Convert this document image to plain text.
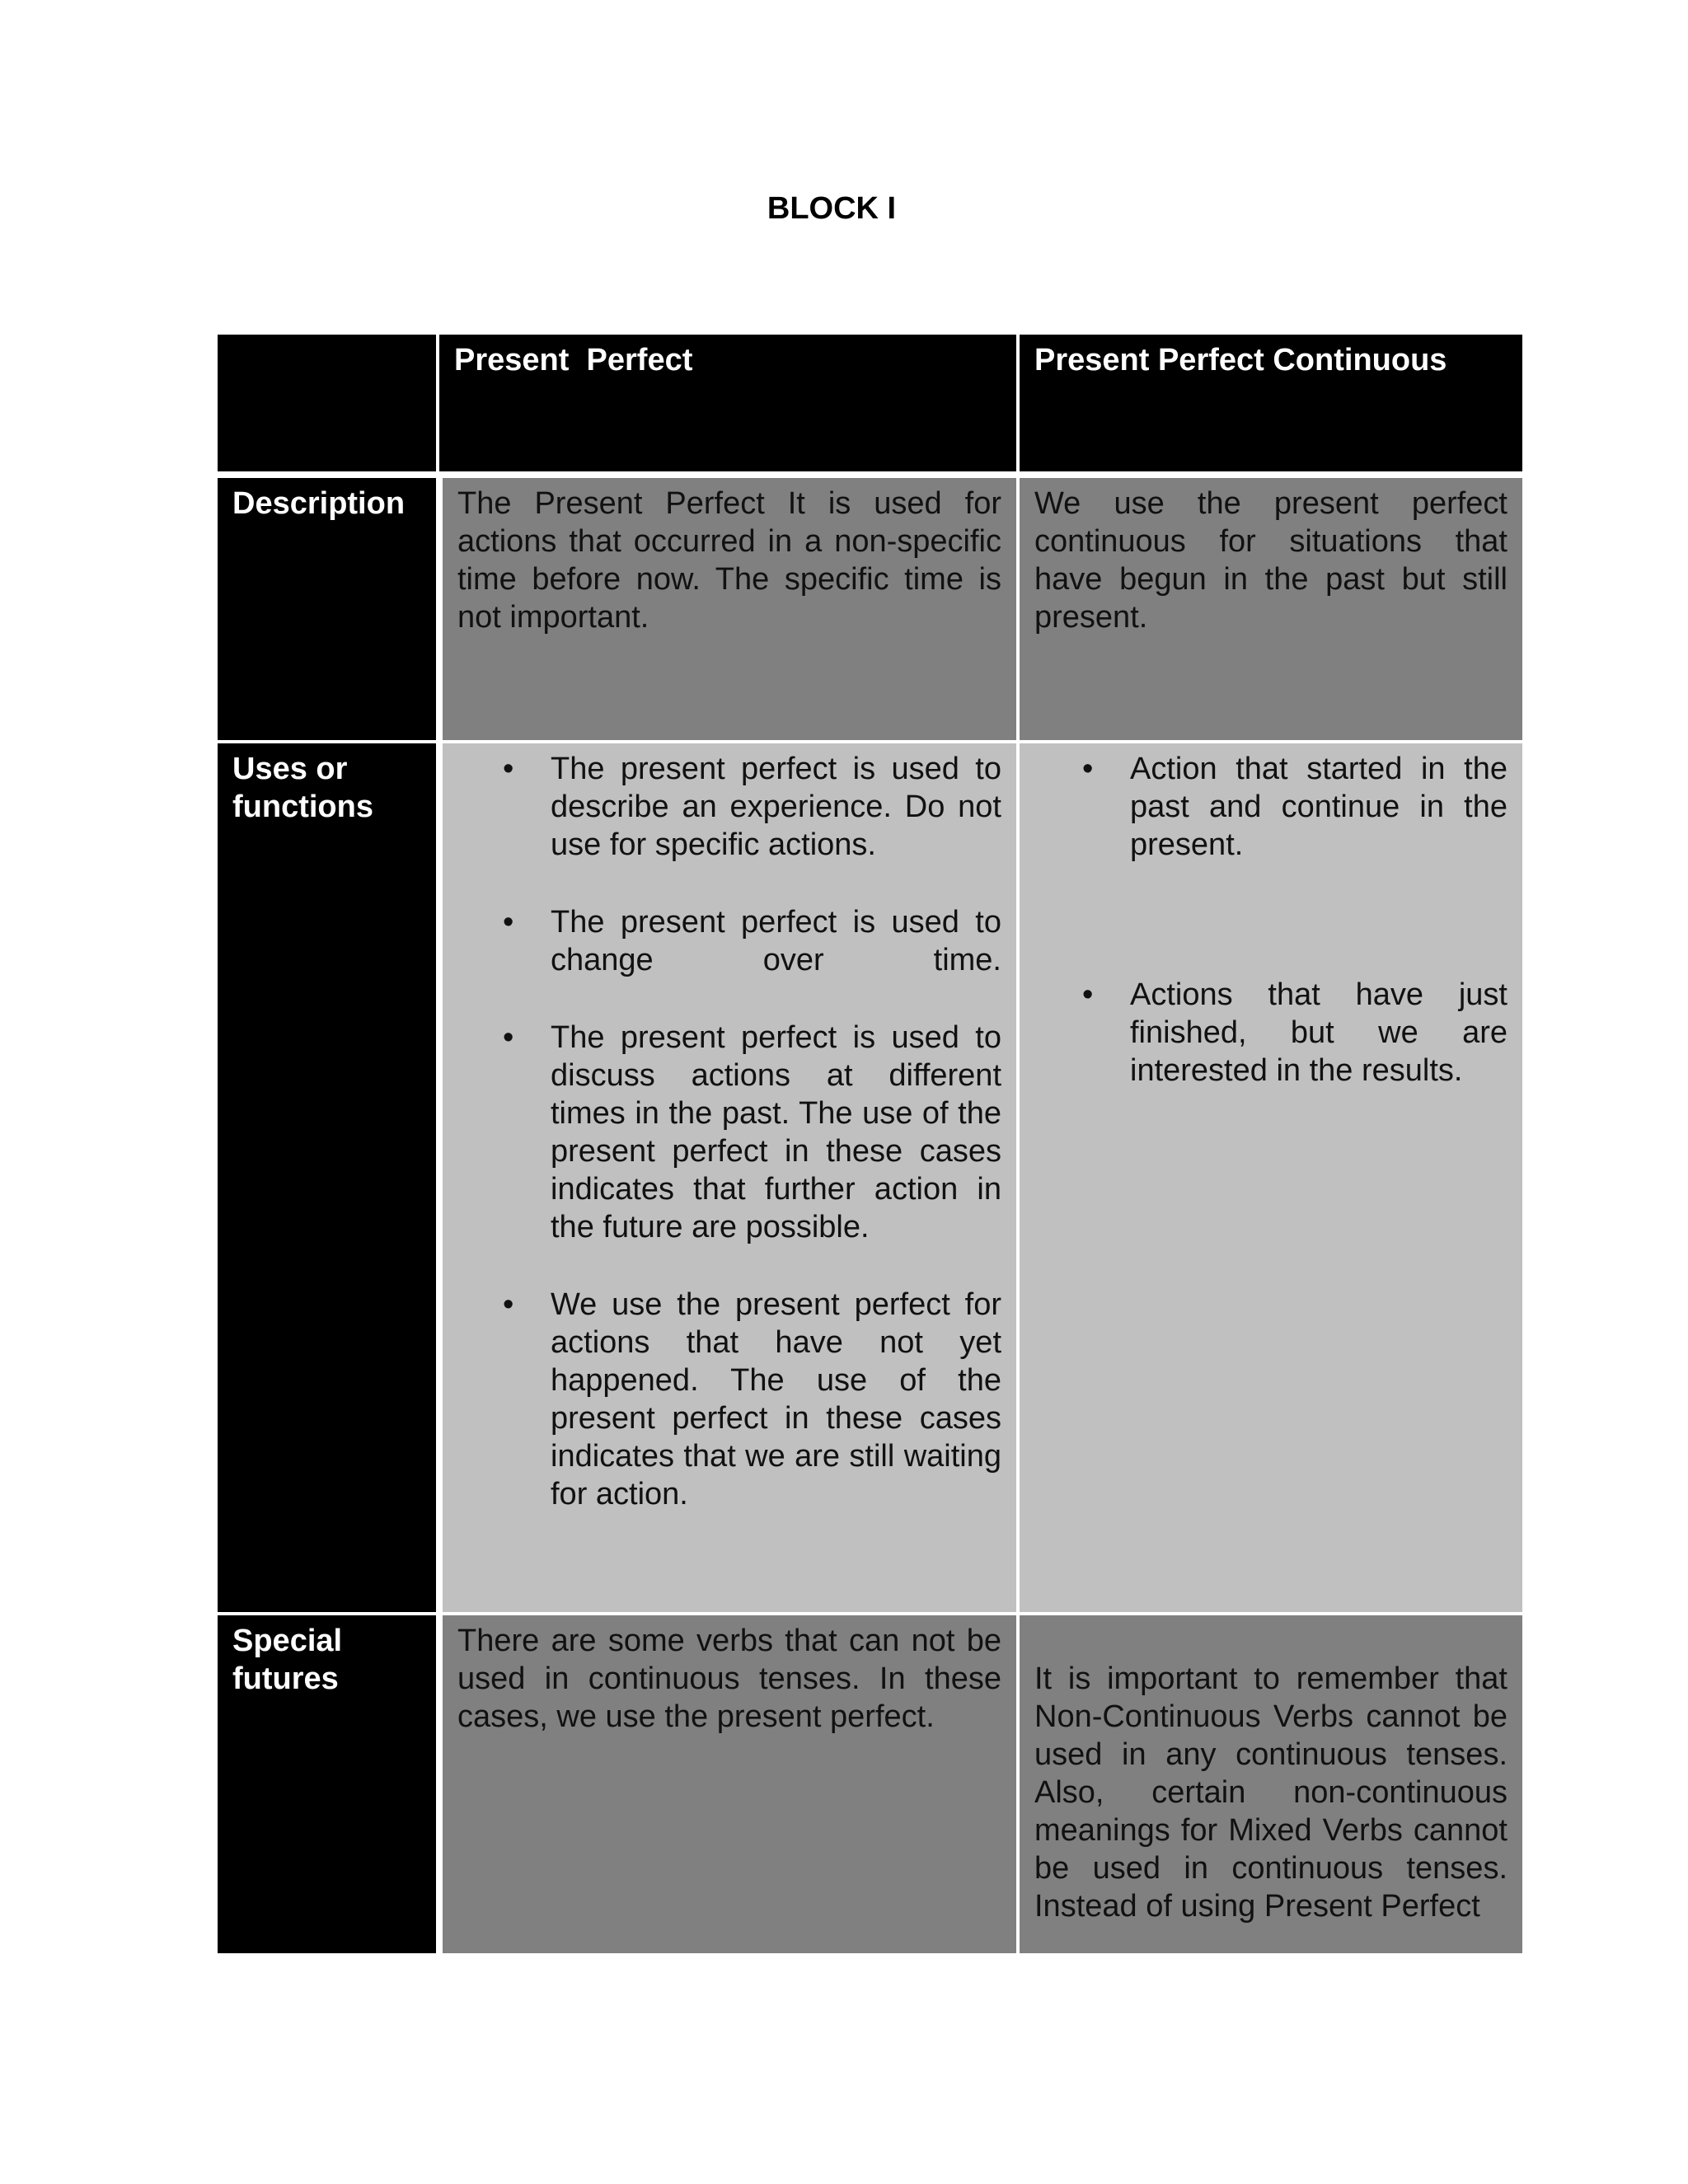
BLOCK I
Present  Perfect	Present Perfect Continuous
Description	The Present Perfect It is used for actions that occurred in a non-specific time before now. The specific time is not important.
We use the present perfect continuous for situations that have begun in the past but still present.
Uses or functions
• The present perfect is used to describe an experience. Do not use for specific actions.
• The present perfect is used to change over time.
• The present perfect is used to discuss actions at different times in the past. The use of the present perfect in these cases indicates that further action in the future are possible.
• We use the present perfect for actions that have not yet happened. The use of the present perfect in these cases indicates that we are still waiting for action.
• Action that started in the past and continue in the present.
• Actions that have just finished, but we are interested in the results.
Special futures
There are some verbs that can not be used in continuous tenses. In these cases, we use the present perfect.
It is important to remember that Non-Continuous Verbs cannot be used in any continuous tenses. Also, certain non-continuous meanings for Mixed Verbs cannot be used in continuous tenses. Instead of using Present Perfect
